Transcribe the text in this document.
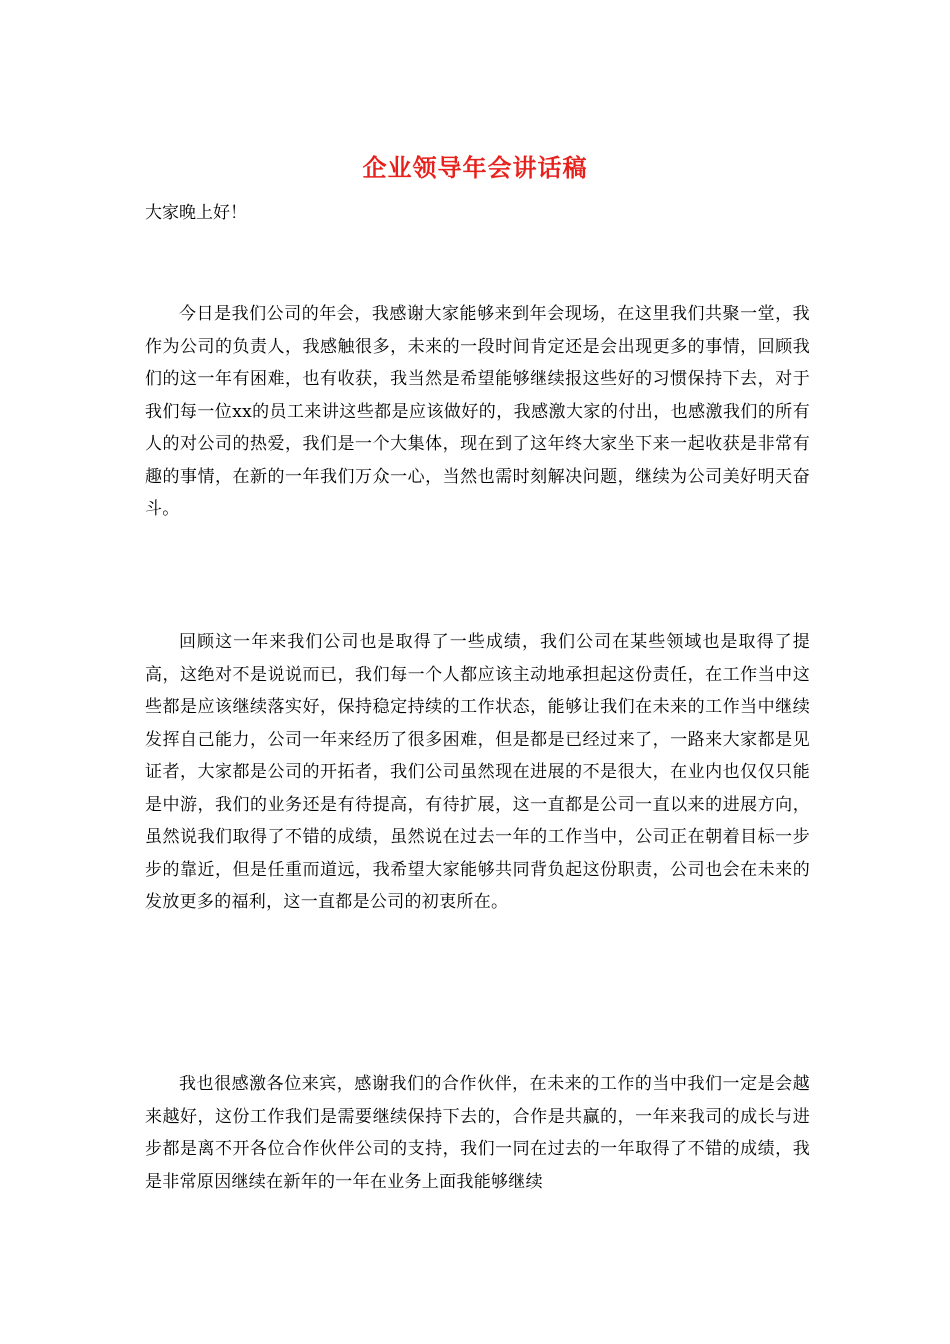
企业领导年会讲话稿
大家晚上好！
今日是我们公司的年会，我感谢大家能够来到年会现场，在这里我们共聚一堂，我作为公司的负责人，我感触很多，未来的一段时间肯定还是会出现更多的事情，回顾我们的这一年有困难，也有收获，我当然是希望能够继续报这些好的习惯保持下去，对于我们每一位xx的员工来讲这些都是应该做好的，我感激大家的付出，也感激我们的所有人的对公司的热爱，我们是一个大集体，现在到了这年终大家坐下来一起收获是非常有趣的事情，在新的一年我们万众一心，当然也需时刻解决问题，继续为公司美好明天奋斗。
回顾这一年来我们公司也是取得了一些成绩，我们公司在某些领域也是取得了提高，这绝对不是说说而已，我们每一个人都应该主动地承担起这份责任，在工作当中这些都是应该继续落实好，保持稳定持续的工作状态，能够让我们在未来的工作当中继续发挥自己能力，公司一年来经历了很多困难，但是都是已经过来了，一路来大家都是见证者，大家都是公司的开拓者，我们公司虽然现在进展的不是很大，在业内也仅仅只能是中游，我们的业务还是有待提高，有待扩展，这一直都是公司一直以来的进展方向，虽然说我们取得了不错的成绩，虽然说在过去一年的工作当中，公司正在朝着目标一步步的靠近，但是任重而道远，我希望大家能够共同背负起这份职责，公司也会在未来的发放更多的福利，这一直都是公司的初衷所在。
我也很感激各位来宾，感谢我们的合作伙伴，在未来的工作的当中我们一定是会越来越好，这份工作我们是需要继续保持下去的，合作是共赢的，一年来我司的成长与进步都是离不开各位合作伙伴公司的支持，我们一同在过去的一年取得了不错的成绩，我是非常原因继续在新年的一年在业务上面我能够继续
